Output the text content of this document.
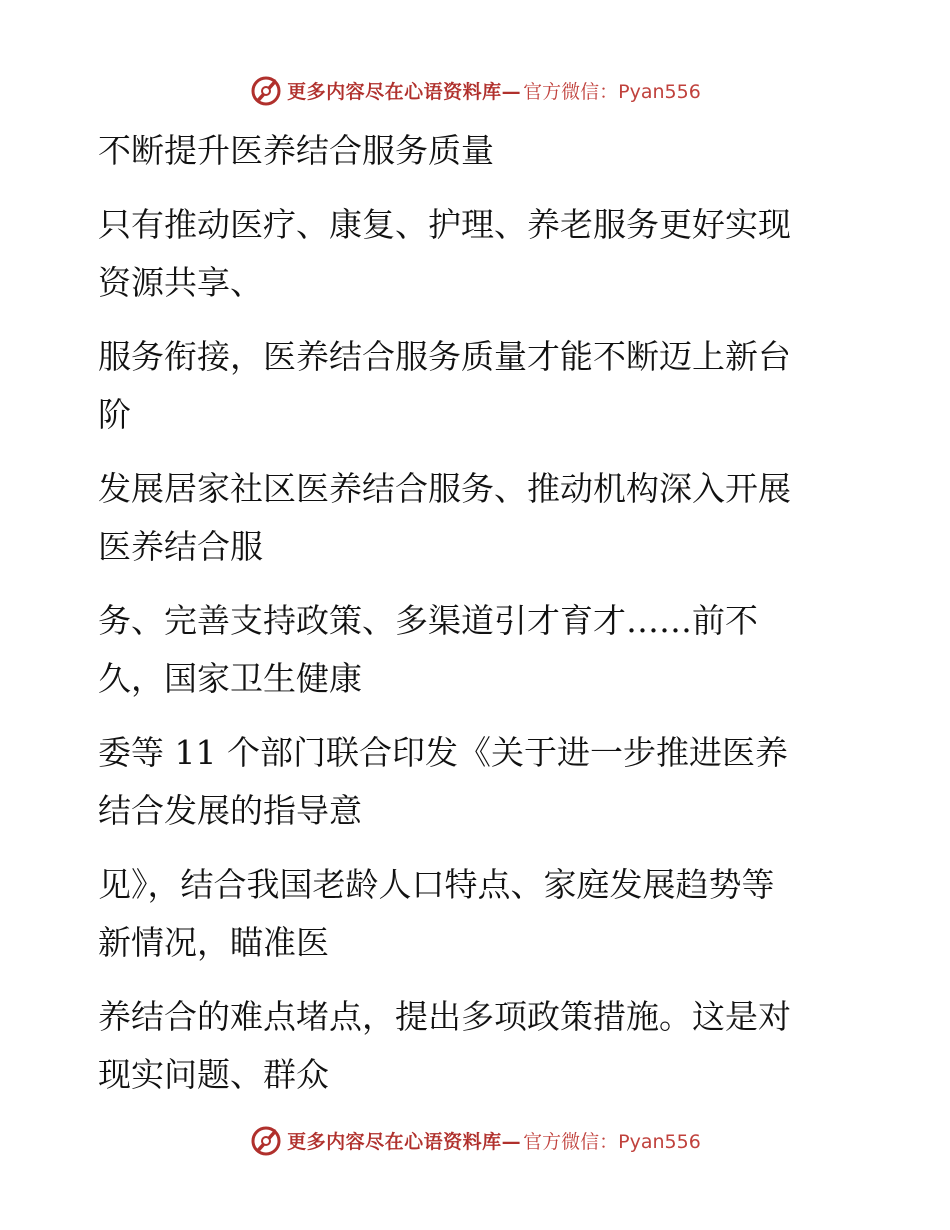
更多内容尽在心语资料库— 官方微信：Pyan556
不断提升医养结合服务质量
只有推动医疗、康复、护理、养老服务更好实现
资源共享、
服务衔接，医养结合服务质量才能不断迈上新台
阶
发展居家社区医养结合服务、推动机构深入开展
医养结合服
务、完善支持政策、多渠道引才育才……前不
久，国家卫生健康
委等 11 个部门联合印发《关于进一步推进医养
结合发展的指导意
见》，结合我国老龄人口特点、家庭发展趋势等
新情况，瞄准医
养结合的难点堵点，提出多项政策措施。这是对
现实问题、群众
更多内容尽在心语资料库— 官方微信：Pyan556
